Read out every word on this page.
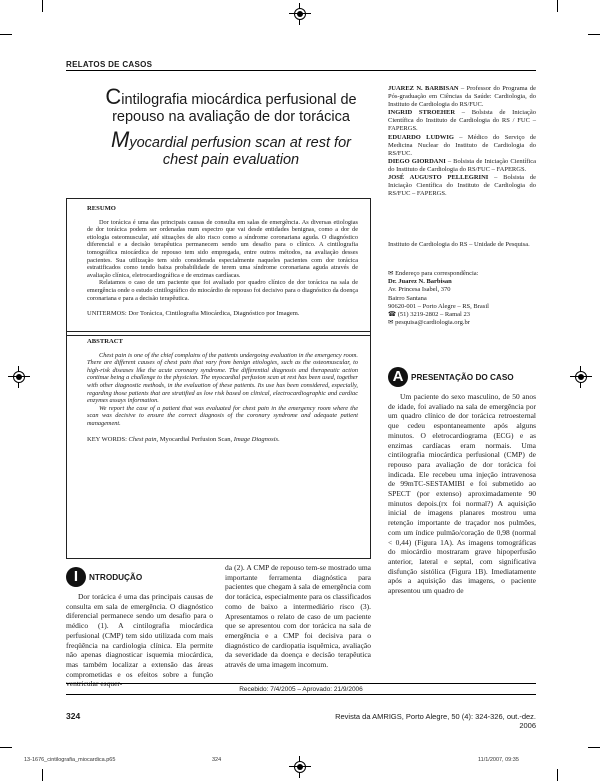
RELATOS DE CASOS
Cintilografia miocárdica perfusional de
repouso na avaliação de dor torácica
Myocardial perfusion scan at rest for
chest pain evaluation
RESUMO

Dor torácica é uma das principais causas de consulta em salas de emergência. As diversas etiologias de dor torácica podem ser ordenadas num espectro que vai desde entidades benignas, como a dor de etiologia osteomuscular, até situações de alto risco como a síndrome coronariana aguda. O diagnóstico diferencial e a decisão terapêutica permanecem sendo um desafio para o clínico. A cintilografia tomográfica miocárdica de repouso tem sido empregada, entre outros métodos, na avaliação desses pacientes. Sua utilização tem sido considerada especialmente naqueles pacientes com dor torácica estratificados como tendo baixa probabilidade de terem uma síndrome coronariana aguda através de avaliação clínica, eletrocardiográfica e de enzimas cardíacas.

Relatamos o caso de um paciente que foi avaliado por quadro clínico de dor torácica na sala de emergência onde o estudo cintilográfico do miocárdio de repouso foi decisivo para o diagnóstico da doença coronariana e para a decisão terapêutica.

UNITERMOS: Dor Torácica, Cintilografia Miocárdica, Diagnóstico por Imagem.
ABSTRACT

Chest pain is one of the chief complains of the patients undergoing evaluation in the emergency room. There are different causes of chest pain that vary from benign etiologies, such as the osteomuscular, to high-risk diseases like the acute coronary syndrome. The differential diagnosis and therapeutic action continue being a challenge to the physician. The myocardial perfusion scan at rest has been used, together with other diagnostic methods, in the evaluation of these patients. Its use has been considered, especially, regarding those patients that are stratified as low risk based on clinical, electrocardiographic and cardiac enzymes assays information.

We report the case of a patient that was evaluated for chest pain in the emergency room where the scan was decisive to ensure the correct diagnosis of the coronary syndrome and adequate patient management.

KEY WORDS: Chest pain, Myocardial Perfusion Scan, Image Diagnosis.

JUAREZ N. BARBISAN – Professor do Programa de Pós-graduação em Ciências da Saúde: Cardiologia, do Instituto de Cardiologia do RS/FUC.

INGRID STROEHER – Bolsista de Iniciação Científica do Instituto de Cardiologia do RS / FUC – FAPERGS.

EDUARDO LUDWIG – Médico do Serviço de Medicina Nuclear do Instituto de Cardiologia do RS/FUC.

DIEGO GIORDANI – Bolsista de Iniciação Científica do Instituto de Cardiologia do RS/FUC – FAPERGS.

JOSÉ AUGUSTO PELLEGRINI – Bolsista de Iniciação Científica do Instituto de Cardiologia do RS/FUC – FAPERGS.

Instituto de Cardiologia do RS – Unidade de Pesquisa.
✉ Endereço para correspondência:
Dr. Juarez N. Barbisan
Av. Princesa Isabel, 370
Bairro Santana
90620-001 – Porto Alegre – RS, Brasil
☎ (51) 3219-2802 – Ramal 23
✉ pesquisa@cardiologia.org.br
I	NTRODUÇÃO

Dor torácica é uma das principais causas de consulta em sala de emergência. O diagnóstico diferencial permanece sendo um desafio para o médico (1). A cintilografia miocárdica perfusional (CMP) tem sido utilizada com mais freqüência na cardiologia clínica. Ela permite não apenas diagnosticar isquemia miocárdica, mas também localizar a extensão das áreas comprometidas e os efeitos sobre a função

da (2). A CMP de repouso tem-se mostrado uma importante ferramenta diagnóstica para pacientes que chegam à sala de emergência com dor torácica, especialmente para os classificados como de baixo a intermediário risco (3). Apresentamos o relato de caso de um paciente que se apresentou com dor torácica na sala de emergência e a CMP foi decisiva para o diagnóstico de cardiopatia isquêmica, avaliação da severidade da doença e decisão terapêutica através de uma imagem incomum.

A PRESENTAÇÃO DO CASO

Um paciente do sexo masculino, de 50 anos de idade, foi avaliado na sala de emergência por um quadro clínico de dor torácica retroesternal que cedeu espontaneamente após alguns minutos. O eletrocardiograma (ECG) e as enzimas cardíacas eram normais. Uma cintilografia miocárdica perfusional (CMP) de repouso para avaliação de dor torácica foi indicada. Ele recebeu uma injeção intravenosa de 99mTC-SESTAMIBI e foi submetido ao SPECT (por extenso) aproximadamente 90 minutos depois.(rx foi normal?) A aquisição inicial de imagens planares mostrou uma retenção importante de traçador nos pulmões, com um índice pulmão/coração de 0,98 (normal < 0,44) (Figura 1A). As imagens tomográficas do miocárdio mostraram grave hipoperfusão anterior, lateral e septal, com significativa disfunção sistólica (Figura 1B). Imediatamente após a aquisição das imagens, o paciente apresentou um quadro de

Recebido: 7/4/2005 – Aprovado: 21/9/2006
324	Revista da AMRIGS, Porto Alegre, 50 (4): 324-326, out.-dez. 2006
13-1676_cintilografia_miocardica.p65	324	11/1/2007, 09:35
